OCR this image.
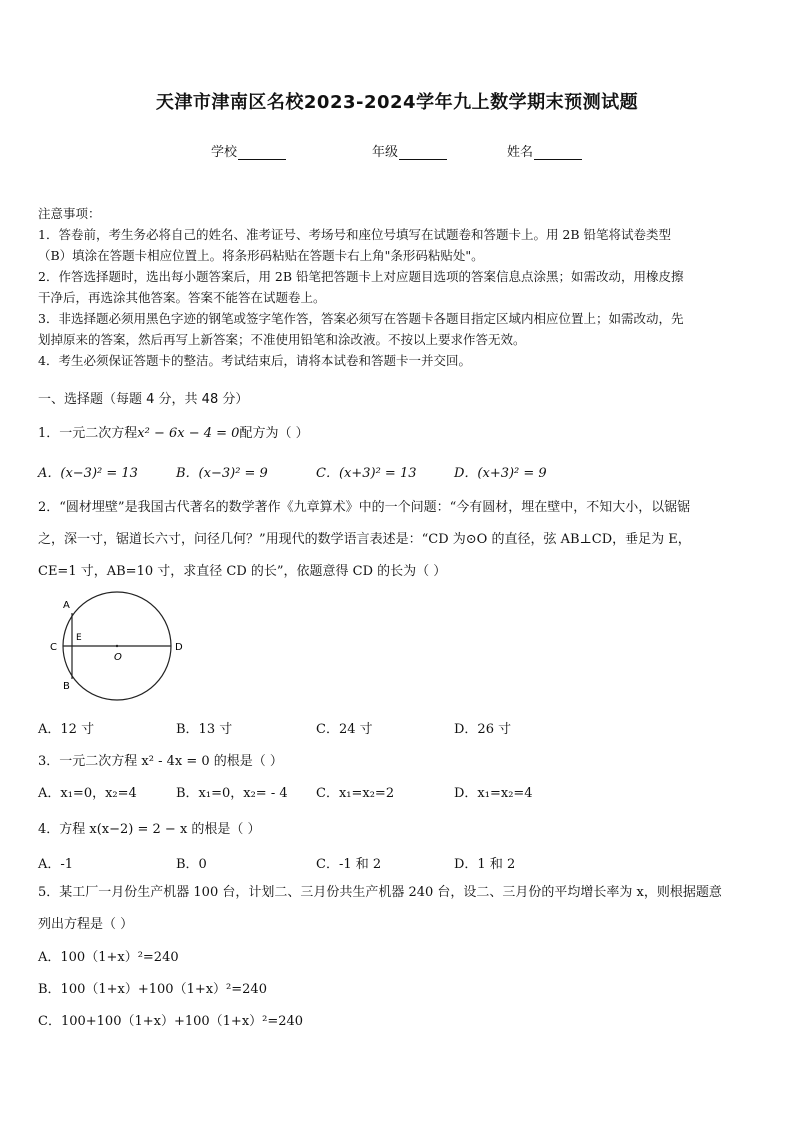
天津市津南区名校2023-2024学年九上数学期末预测试题
学校	年级	姓名
注意事项：
1．答卷前，考生务必将自己的姓名、准考证号、考场号和座位号填写在试题卷和答题卡上。用 2B 铅笔将试卷类型
（B）填涂在答题卡相应位置上。将条形码粘贴在答题卡右上角"条形码粘贴处"。
2．作答选择题时，选出每小题答案后，用 2B 铅笔把答题卡上对应题目选项的答案信息点涂黑；如需改动，用橡皮擦
干净后，再选涂其他答案。答案不能答在试题卷上。
3．非选择题必须用黑色字迹的钢笔或签字笔作答，答案必须写在答题卡各题目指定区域内相应位置上；如需改动，先
划掉原来的答案，然后再写上新答案；不准使用铅笔和涂改液。不按以上要求作答无效。
4．考生必须保证答题卡的整洁。考试结束后，请将本试卷和答题卡一并交回。
一、选择题（每题 4 分，共 48 分）
1．一元二次方程x² − 6x − 4 = 0配方为（ ）
A．(x−3)² = 13	B．(x−3)² = 9	C．(x+3)² = 13	D．(x+3)² = 9
2．“圆材埋壁”是我国古代著名的数学著作《九章算术》中的一个问题：“今有圆材，埋在壁中，不知大小，以锯锯
之，深一寸，锯道长六寸，问径几何？”用现代的数学语言表述是：“CD 为⊙O 的直径，弦 AB⊥CD，垂足为 E，
CE=1 寸，AB=10 寸，求直径 CD 的长”，依题意得 CD 的长为（ ）
A
B
C	D
E
O
A．12 寸	B．13 寸	C．24 寸	D．26 寸
3．一元二次方程 x² - 4x = 0 的根是（ ）
A．x₁=0，x₂=4	B．x₁=0，x₂= - 4 C．x₁=x₂=2	D．x₁=x₂=4
4．方程 x(x−2) = 2 − x 的根是（ ）
A．-1	B．0	C．-1 和 2	D．1 和 2
5．某工厂一月份生产机器 100 台，计划二、三月份共生产机器 240 台，设二、三月份的平均增长率为 x，则根据题意
列出方程是（ ）
A．100（1+x）²=240
B．100（1+x）+100（1+x）²=240
C．100+100（1+x）+100（1+x）²=240
